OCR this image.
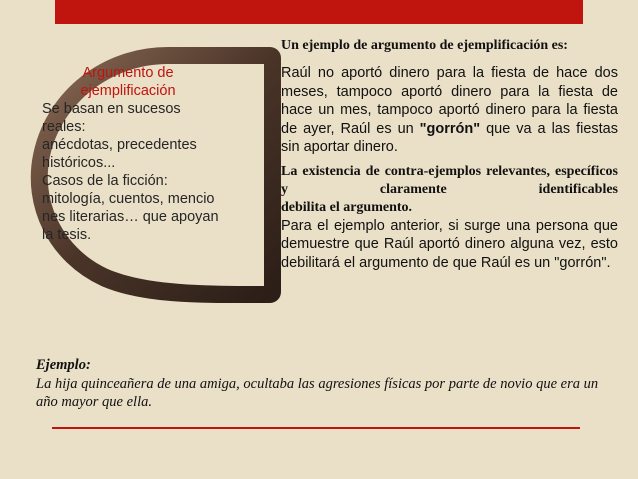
Argumento de
ejemplificación
Se basan en sucesos
reales:
anécdotas, precedentes
históricos...
Casos de la ficción:
mitología, cuentos, mencio
nes literarias… que apoyan
la tesis.

Un ejemplo de argumento de ejemplificación es:

Raúl no aportó dinero para la fiesta de hace dos meses, tampoco aportó dinero para la fiesta de hace un mes, tampoco aportó dinero para la fiesta de ayer, Raúl es un "gorrón" que va a las fiestas sin aportar dinero.

La existencia de contra-ejemplos relevantes, específicos y claramente identificables

debilita el argumento.

Para el ejemplo anterior, si surge una persona que demuestre que Raúl aportó dinero alguna vez, esto debilitará el argumento de que Raúl es un "gorrón".

Ejemplo:
La hija quinceañera de una amiga, ocultaba las agresiones físicas por parte de novio que era un año mayor que ella.
